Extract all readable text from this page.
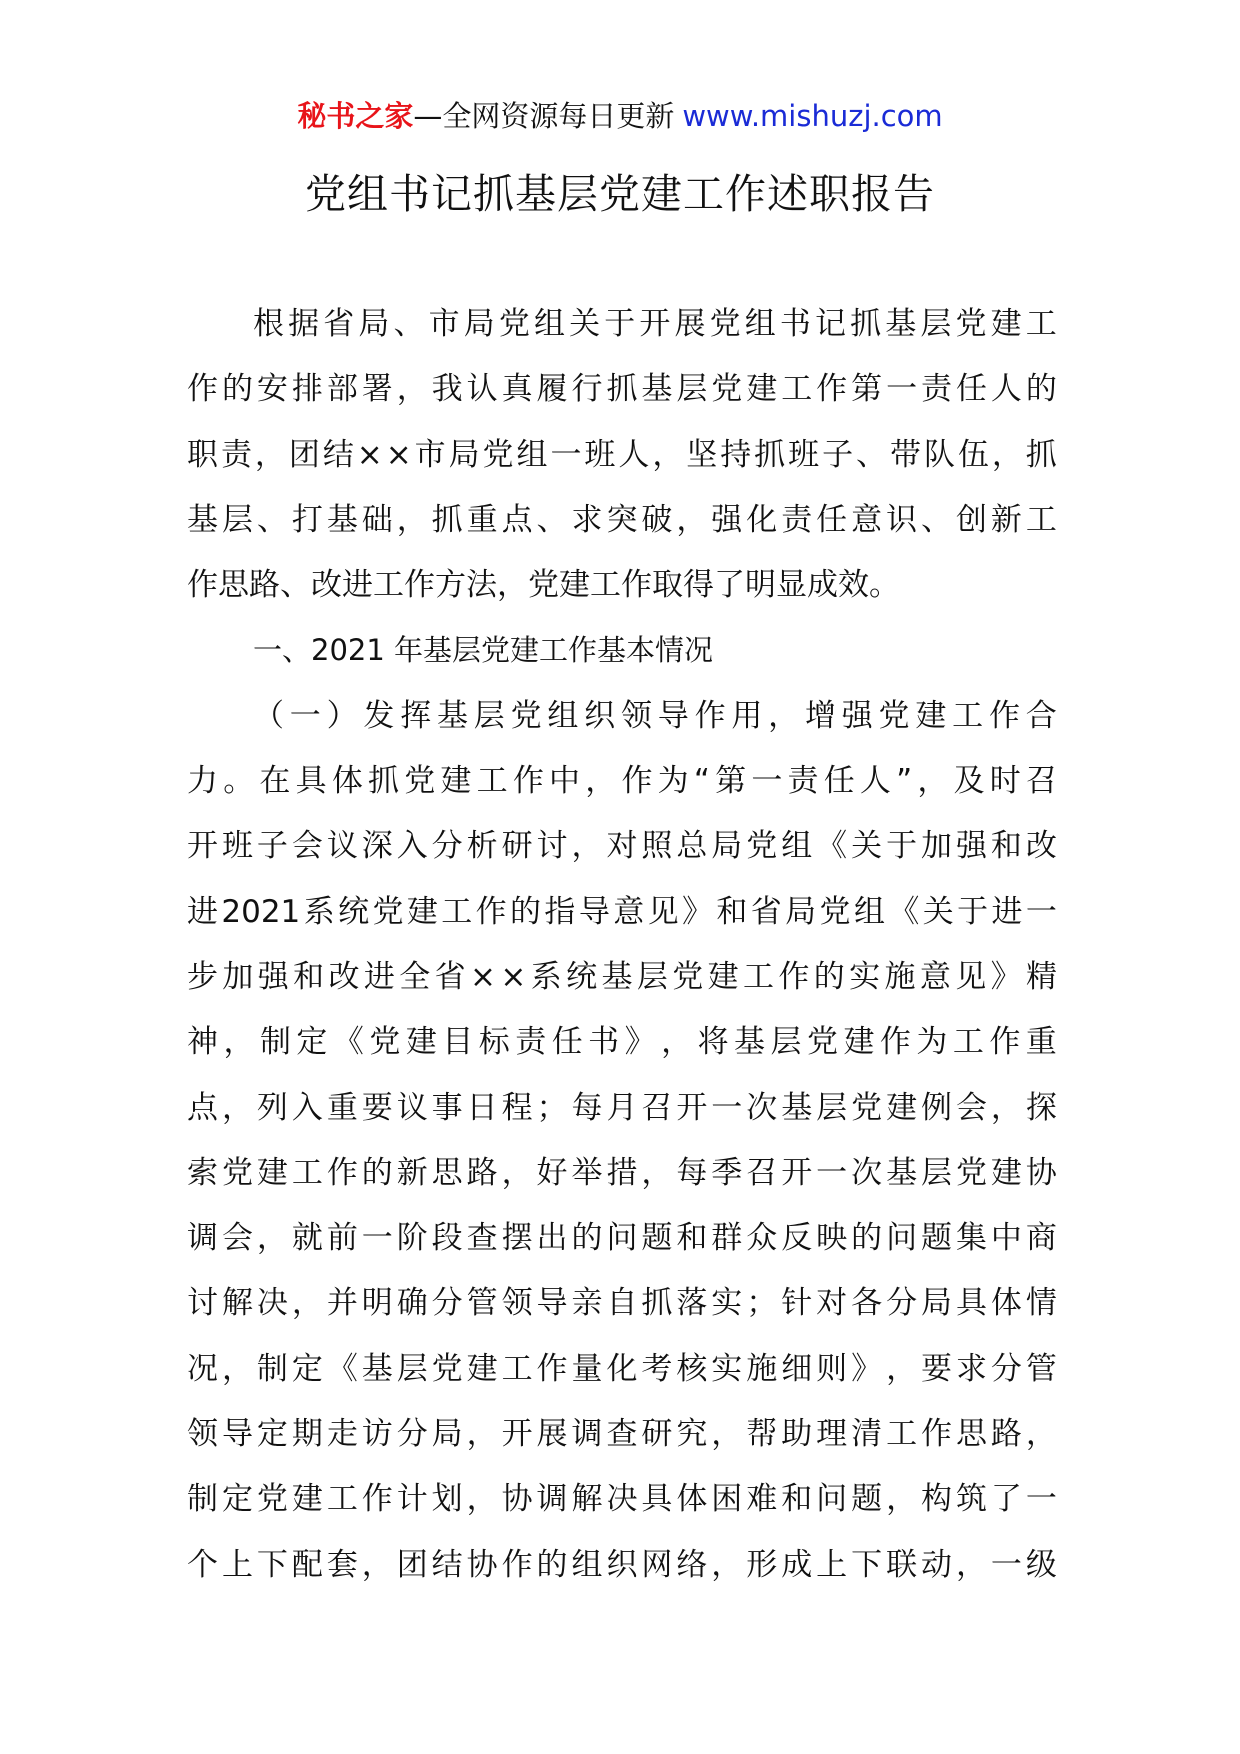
秘书之家—全网资源每日更新 www.mishuzj.com
党组书记抓基层党建工作述职报告
根 据 省 局 、 市 局 党 组 关 于 开 展 党 组 书 记 抓 基 层 党 建 工
作 的 安 排 部 署 ， 我 认 真 履 行 抓 基 层 党 建 工 作 第 一 责 任 人 的
职 责 ， 团 结 × × 市 局 党 组 一 班 人 ， 坚 持 抓 班 子 、 带 队 伍 ， 抓
基 层 、 打 基 础 ， 抓 重 点 、 求 突 破 ， 强 化 责 任 意 识 、 创 新 工
作思路、改进工作方法，党建工作取得了明显成效。
一、2021 年基层党建工作基本情况
（ 一 ） 发 挥 基 层 党 组 织 领 导 作 用 ， 增 强 党 建 工 作 合
力 。 在 具 体 抓 党 建 工 作 中 ， 作 为 “ 第 一 责 任 人 ” ， 及 时 召
开 班 子 会 议 深 入 分 析 研 讨 ， 对 照 总 局 党 组 《 关 于 加 强 和 改
进 2021 系 统 党 建 工 作 的 指 导 意 见 》 和 省 局 党 组 《 关 于 进 一
步 加 强 和 改 进 全 省 × × 系 统 基 层 党 建 工 作 的 实 施 意 见 》 精
神 ， 制 定 《 党 建 目 标 责 任 书 》 ， 将 基 层 党 建 作 为 工 作 重
点 ， 列 入 重 要 议 事 日 程 ； 每 月 召 开 一 次 基 层 党 建 例 会 ， 探
索 党 建 工 作 的 新 思 路 ， 好 举 措 ， 每 季 召 开 一 次 基 层 党 建 协
调 会 ， 就 前 一 阶 段 查 摆 出 的 问 题 和 群 众 反 映 的 问 题 集 中 商
讨 解 决 ， 并 明 确 分 管 领 导 亲 自 抓 落 实 ； 针 对 各 分 局 具 体 情
况 ， 制 定 《 基 层 党 建 工 作 量 化 考 核 实 施 细 则 》 ， 要 求 分 管
领 导 定 期 走 访 分 局 ， 开 展 调 查 研 究 ， 帮 助 理 清 工 作 思 路 ，
制 定 党 建 工 作 计 划 ， 协 调 解 决 具 体 困 难 和 问 题 ， 构 筑 了 一
个 上 下 配 套 ， 团 结 协 作 的 组 织 网 络 ， 形 成 上 下 联 动 ， 一 级
